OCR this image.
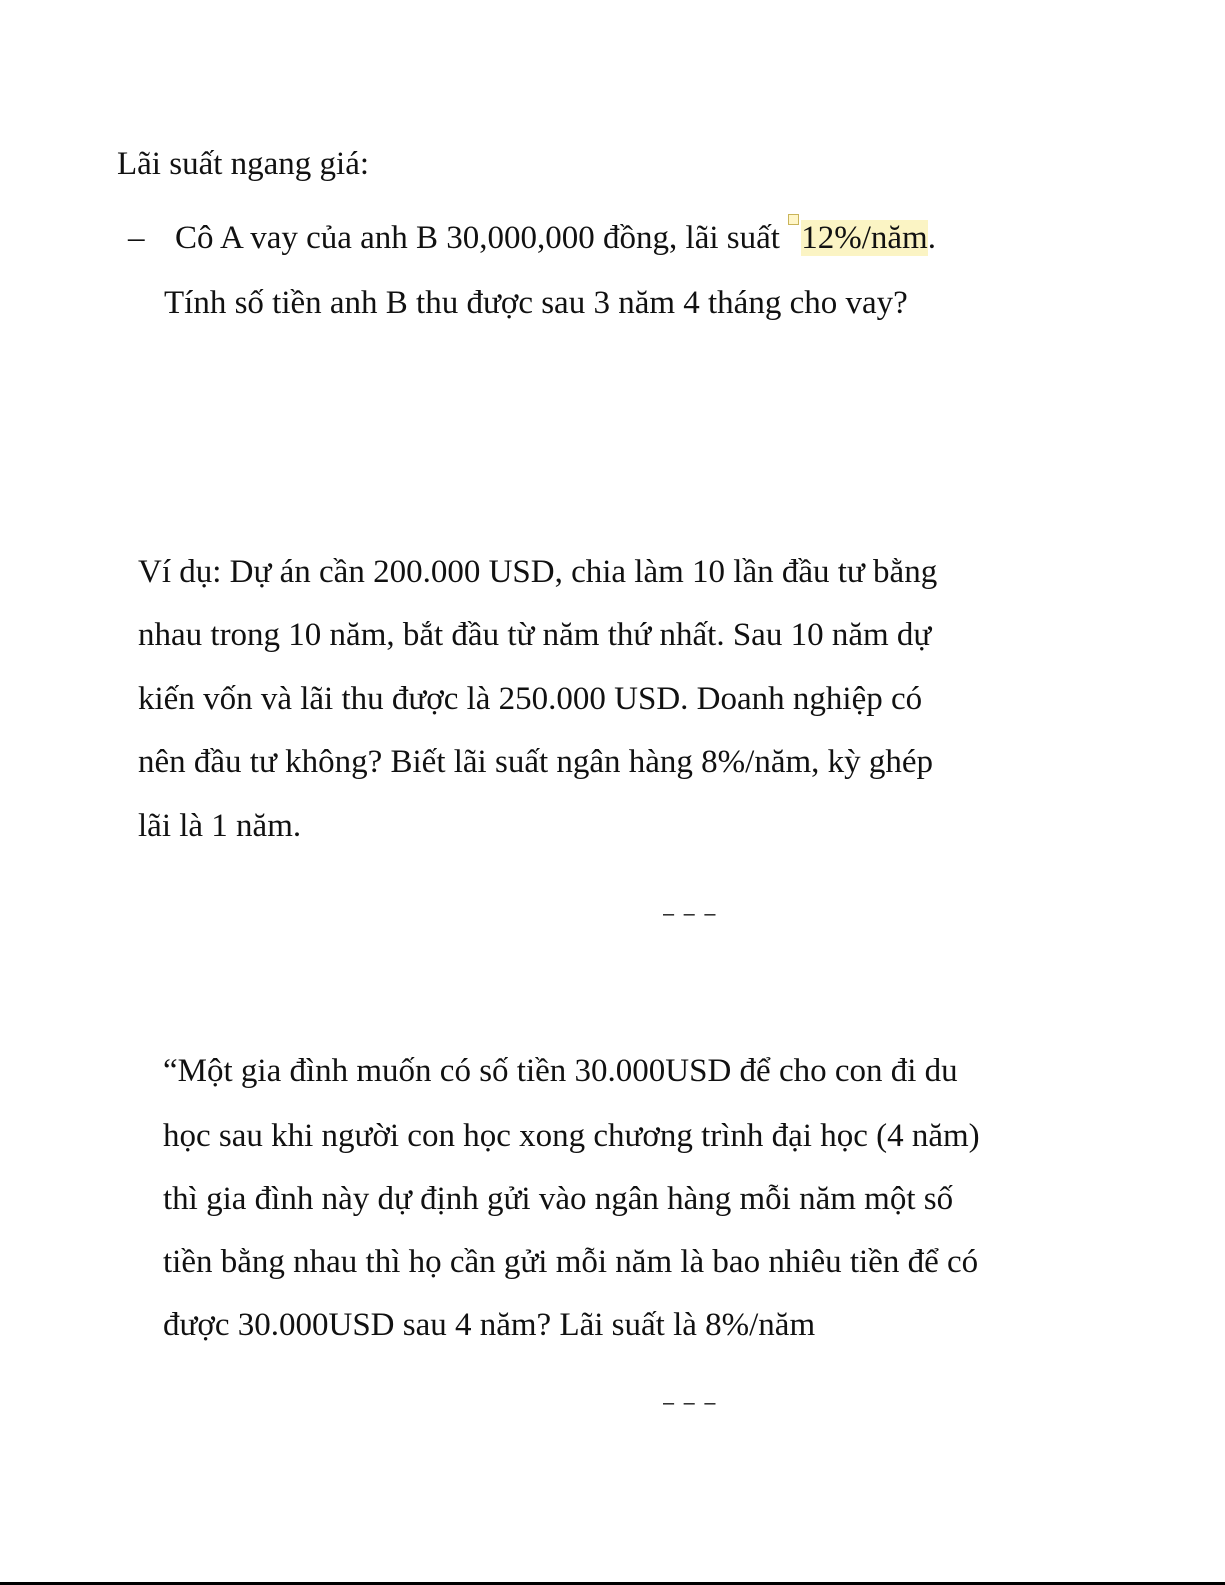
Lãi suất ngang giá:
– Cô A vay của anh B 30,000,000 đồng, lãi suất 12%/năm.
Tính số tiền anh B thu được sau 3 năm 4 tháng cho vay?
Ví dụ: Dự án cần 200.000 USD, chia làm 10 lần đầu tư bằng
nhau trong 10 năm, bắt đầu từ năm thứ nhất. Sau 10 năm dự
kiến vốn và lãi thu được là 250.000 USD. Doanh nghiệp có
nên đầu tư không? Biết lãi suất ngân hàng 8%/năm, kỳ ghép
lãi là 1 năm.
– – –
“Một gia đình muốn có số tiền 30.000USD để cho con đi du
học sau khi người con học xong chương trình đại học (4 năm)
thì gia đình này dự định gửi vào ngân hàng mỗi năm một số
tiền bằng nhau thì họ cần gửi mỗi năm là bao nhiêu tiền để có
được 30.000USD sau 4 năm? Lãi suất là 8%/năm
– – –
